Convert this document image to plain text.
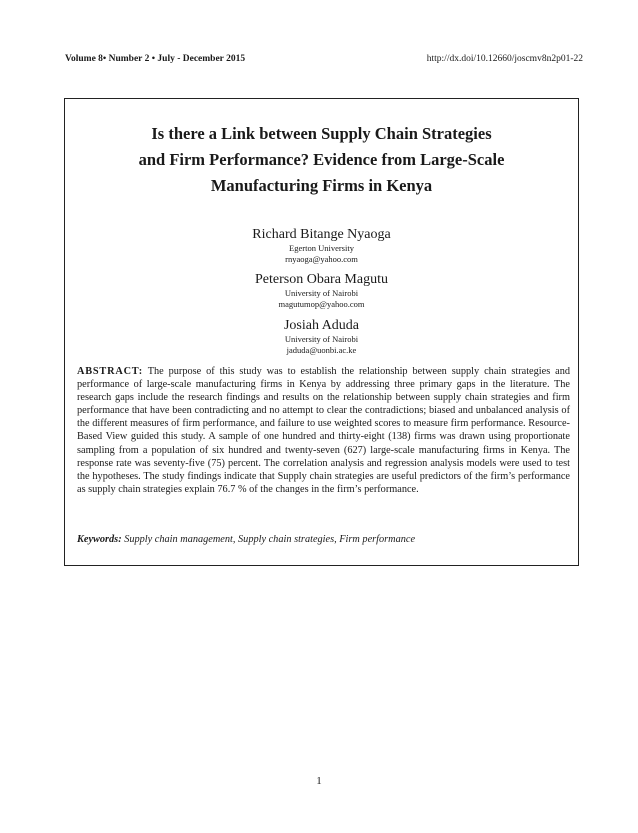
Volume 8• Number 2 • July - December 2015	http://dx.doi/10.12660/joscmv8n2p01-22
Is there a Link between Supply Chain Strategies
and Firm Performance? Evidence from Large-Scale
Manufacturing Firms in Kenya
Richard Bitange Nyaoga
Egerton University
rnyaoga@yahoo.com
Peterson Obara Magutu
University of Nairobi
magutumop@yahoo.com
Josiah Aduda
University of Nairobi
jaduda@uonbi.ac.ke
ABSTRACT: The purpose of this study was to establish the relationship between supply chain strategies and performance of large-scale manufacturing firms in Kenya by addressing three primary gaps in the literature. The research gaps include the research findings and results on the relationship between supply chain strategies and firm performance that have been contradicting and no attempt to clear the contradictions; biased and unbalanced analysis of the different measures of firm performance, and failure to use weighted scores to measure firm performance. Resource-Based View guided this study. A sample of one hundred and thirty-eight (138) firms was drawn using proportionate sampling from a population of six hundred and twenty-seven (627) large-scale manufacturing firms in Kenya. The response rate was seventy-five (75) percent. The correlation analysis and regression analysis models were used to test the hypotheses. The study findings indicate that Supply chain strategies are useful predictors of the firm’s performance as supply chain strategies explain 76.7 % of the changes in the firm’s performance.
Keywords: Supply chain management, Supply chain strategies, Firm performance
1
